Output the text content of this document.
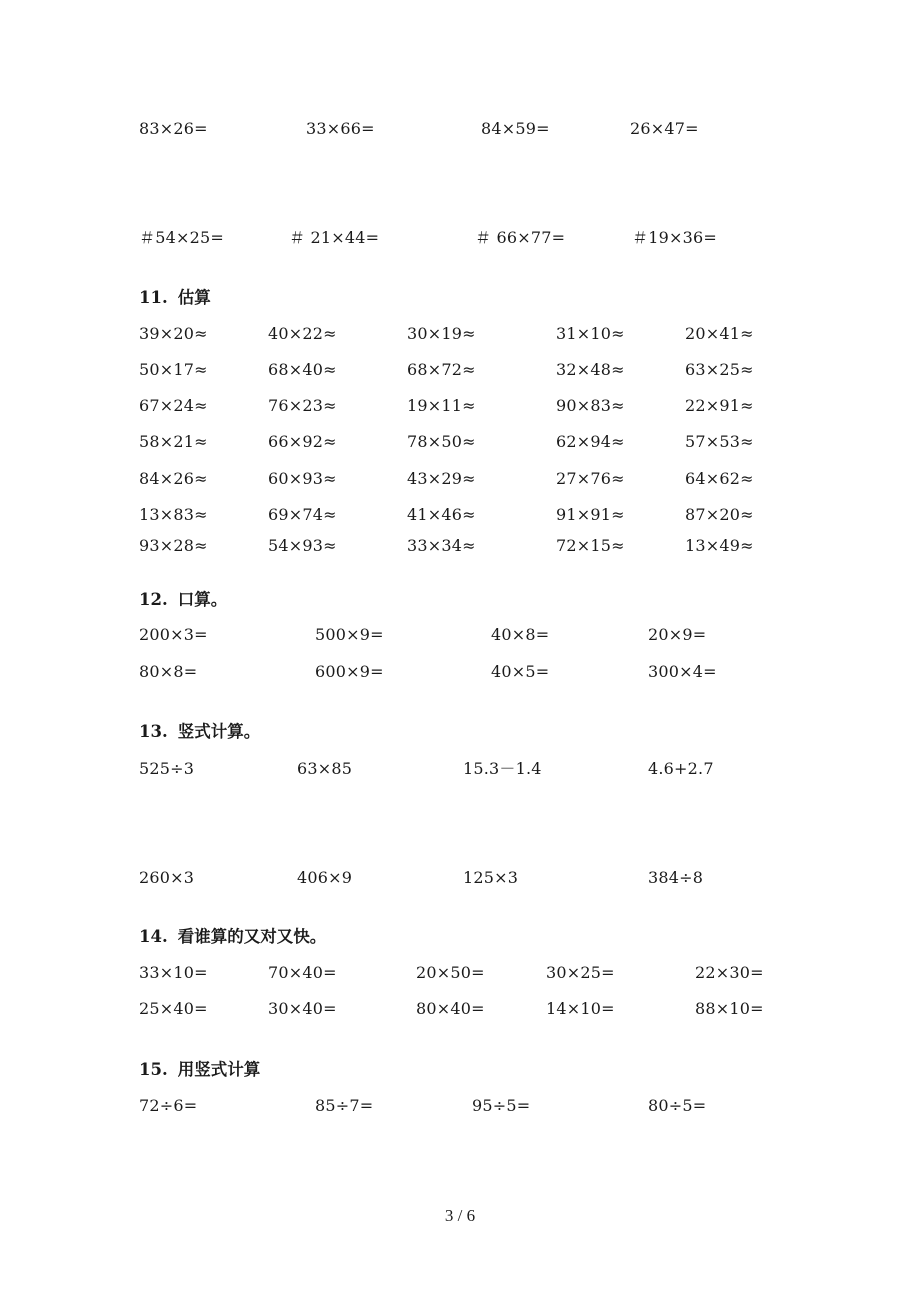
83×26=	33×66=	84×59=	26×47=
＃54×25=	＃ 21×44=	＃ 66×77=	＃19×36=
11. 估算
39×20≈	40×22≈	30×19≈	31×10≈	20×41≈
50×17≈	68×40≈	68×72≈	32×48≈	63×25≈
67×24≈	76×23≈	19×11≈	90×83≈	22×91≈
58×21≈	66×92≈	78×50≈	62×94≈	57×53≈
84×26≈	60×93≈	43×29≈	27×76≈	64×62≈
13×83≈	69×74≈	41×46≈	91×91≈	87×20≈
93×28≈	54×93≈	33×34≈	72×15≈	13×49≈
12. 口算。
200×3=	500×9=	40×8=	20×9=
80×8=	600×9=	40×5=	300×4=
13. 竖式计算。
525÷3	63×85	15.3－1.4	4.6+2.7
260×3	406×9	125×3	384÷8
14. 看谁算的又对又快。
33×10=	70×40=	20×50=	30×25=	22×30=
25×40=	30×40=	80×40=	14×10=	88×10=
15. 用竖式计算
72÷6=	85÷7=	95÷5=	80÷5=
3 / 6
